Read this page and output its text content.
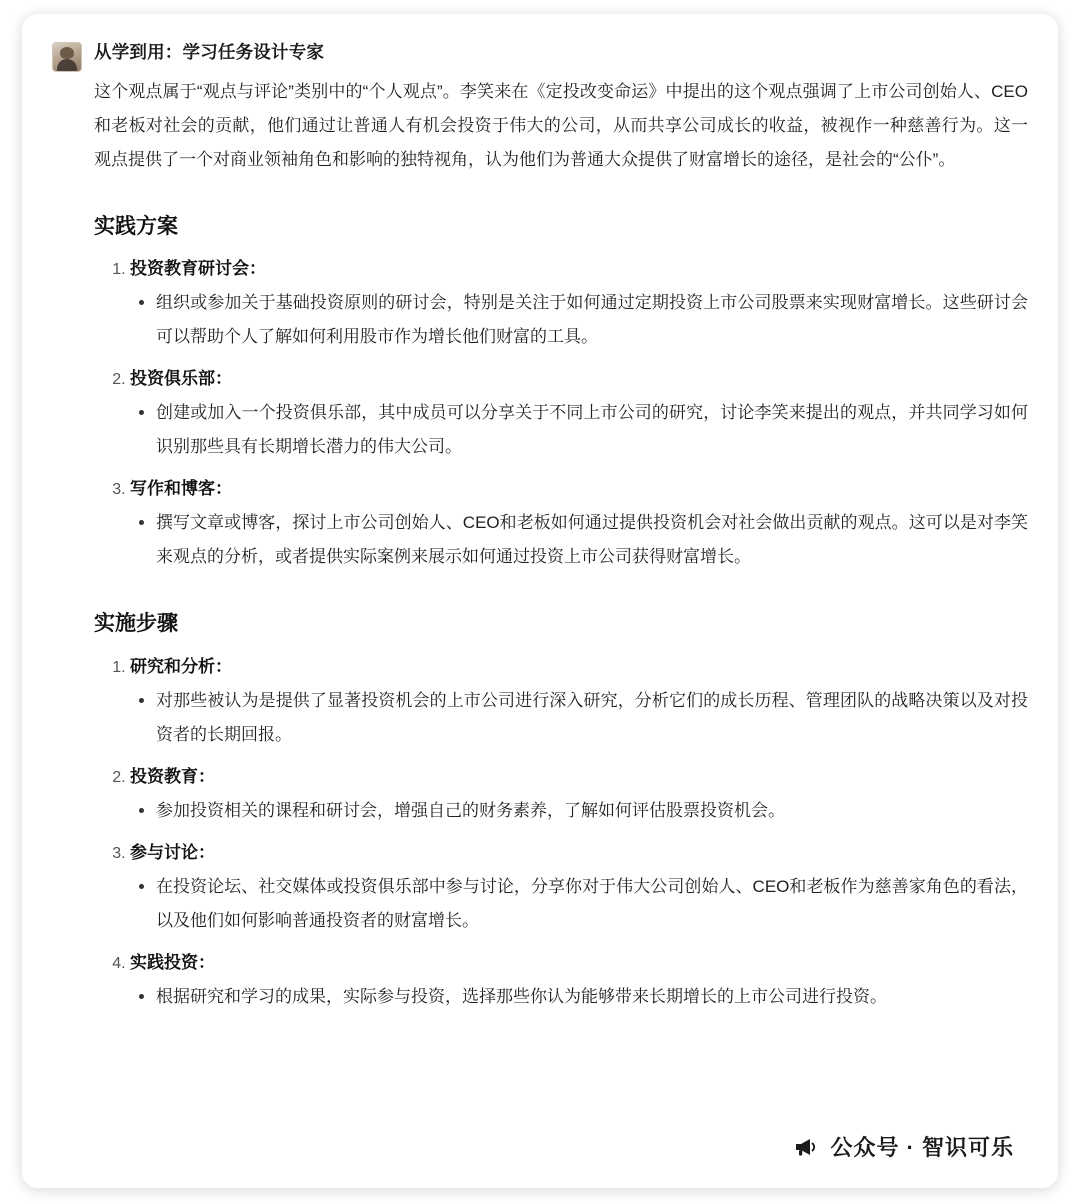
从学到用：学习任务设计专家

这个观点属于“观点与评论”类别中的“个人观点”。李笑来在《定投改变命运》中提出的这个观点强调了上市公司创始人、CEO和老板对社会的贡献，他们通过让普通人有机会投资于伟大的公司，从而共享公司成长的收益，被视作一种慈善行为。这一观点提供了一个对商业领袖角色和影响的独特视角，认为他们为普通大众提供了财富增长的途径，是社会的“公仆”。

实践方案
1. 投资教育研讨会：
• 组织或参加关于基础投资原则的研讨会，特别是关注于如何通过定期投资上市公司股票来实现财富增长。这些研讨会可以帮助个人了解如何利用股市作为增长他们财富的工具。
2. 投资俱乐部：
• 创建或加入一个投资俱乐部，其中成员可以分享关于不同上市公司的研究，讨论李笑来提出的观点，并共同学习如何识别那些具有长期增长潜力的伟大公司。
3. 写作和博客：
• 撰写文章或博客，探讨上市公司创始人、CEO和老板如何通过提供投资机会对社会做出贡献的观点。这可以是对李笑来观点的分析，或者提供实际案例来展示如何通过投资上市公司获得财富增长。
实施步骤
1. 研究和分析：
• 对那些被认为是提供了显著投资机会的上市公司进行深入研究，分析它们的成长历程、管理团队的战略决策以及对投资者的长期回报。
2. 投资教育：
• 参加投资相关的课程和研讨会，增强自己的财务素养，了解如何评估股票投资机会。
3. 参与讨论：
• 在投资论坛、社交媒体或投资俱乐部中参与讨论，分享你对于伟大公司创始人、CEO和老板作为慈善家角色的看法，以及他们如何影响普通投资者的财富增长。
4. 实践投资：
• 根据研究和学习的成果，实际参与投资，选择那些你认为能够带来长期增长的上市公司进行投资。
公众号 · 智识可乐
